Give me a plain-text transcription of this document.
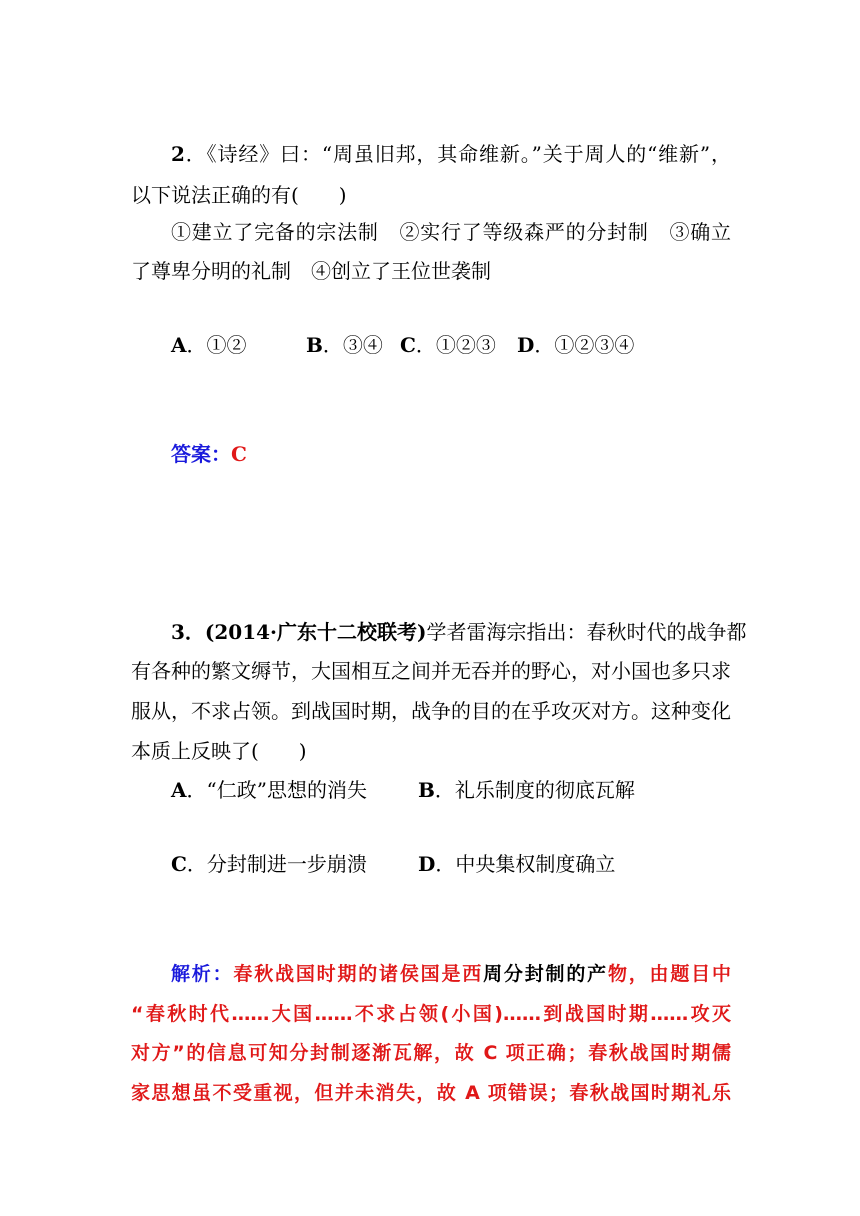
2．《诗经》曰：“周虽旧邦，其命维新。”关于周人的“维新”，
以下说法正确的有(　　)
①建立了完备的宗法制　②实行了等级森严的分封制　③确立
了尊卑分明的礼制　④创立了王位世袭制
A．①②	B．③④ C．①②③ D．①②③④
答案：C
3．(2014·广东十二校联考)学者雷海宗指出：春秋时代的战争都
有各种的繁文缛节，大国相互之间并无吞并的野心，对小国也多只求
服从，不求占领。到战国时期，战争的目的在乎攻灭对方。这种变化
本质上反映了(　　)
A．“仁政”思想的消失	B．礼乐制度的彻底瓦解
C．分封制进一步崩溃	D．中央集权制度确立
解析：春秋战国时期的诸侯国是西周分封制的产物，由题目中
“春秋时代……大国……不求占领(小国)……到战国时期……攻灭
对方”的信息可知分封制逐渐瓦解，故 C 项正确；春秋战国时期儒
家思想虽不受重视，但并未消失，故 A 项错误；春秋战国时期礼乐
